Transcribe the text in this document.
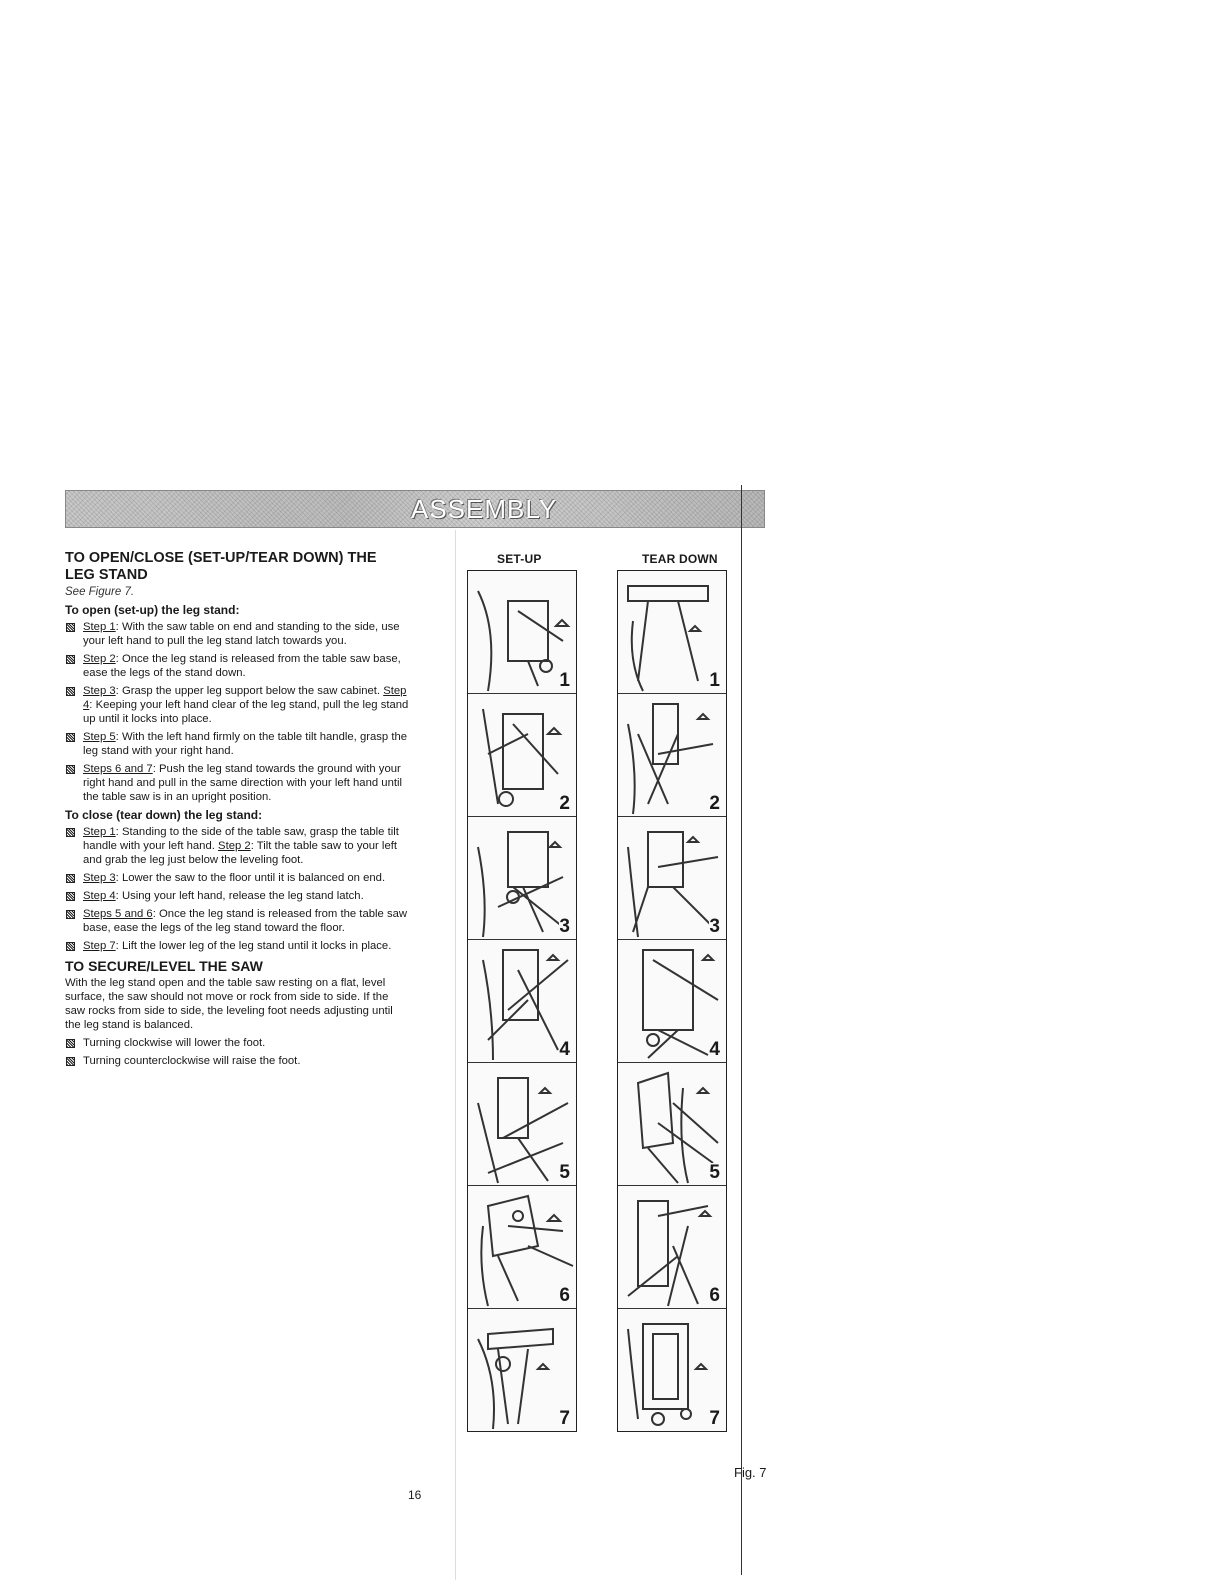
ASSEMBLY
TO OPEN/CLOSE (SET-UP/TEAR DOWN) THE LEG STAND
See Figure 7.
To open (set-up) the leg stand:
Step 1: With the saw table on end and standing to the side, use your left hand to pull the leg stand latch towards you.
Step 2: Once the leg stand is released from the table saw base, ease the legs of the stand down.
Step 3: Grasp the upper leg support below the saw cabinet. Step 4: Keeping your left hand clear of the leg stand, pull the leg stand up until it locks into place.
Step 5: With the left hand firmly on the table tilt handle, grasp the leg stand with your right hand.
Steps 6 and 7: Push the leg stand towards the ground with your right hand and pull in the same direction with your left hand until the table saw is in an upright position.
To close (tear down) the leg stand:
Step 1: Standing to the side of the table saw, grasp the table tilt handle with your left hand. Step 2: Tilt the table saw to your left and grab the leg just below the leveling foot.
Step 3: Lower the saw to the floor until it is balanced on end.
Step 4: Using your left hand, release the leg stand latch.
Steps 5 and 6: Once the leg stand is released from the table saw base, ease the legs of the leg stand toward the floor.
Step 7: Lift the lower leg of the leg stand until it locks in place.
TO SECURE/LEVEL THE SAW

With the leg stand open and the table saw resting on a flat, level surface, the saw should not move or rock from side to side. If the saw rocks from side to side, the leveling foot needs adjusting until the leg stand is balanced.

Turning clockwise will lower the foot.
Turning counterclockwise will raise the foot.
SET-UP	TEAR DOWN
1
2
3
4
5
6
7
1
2
3
4
5
6
7
Fig. 7
16
